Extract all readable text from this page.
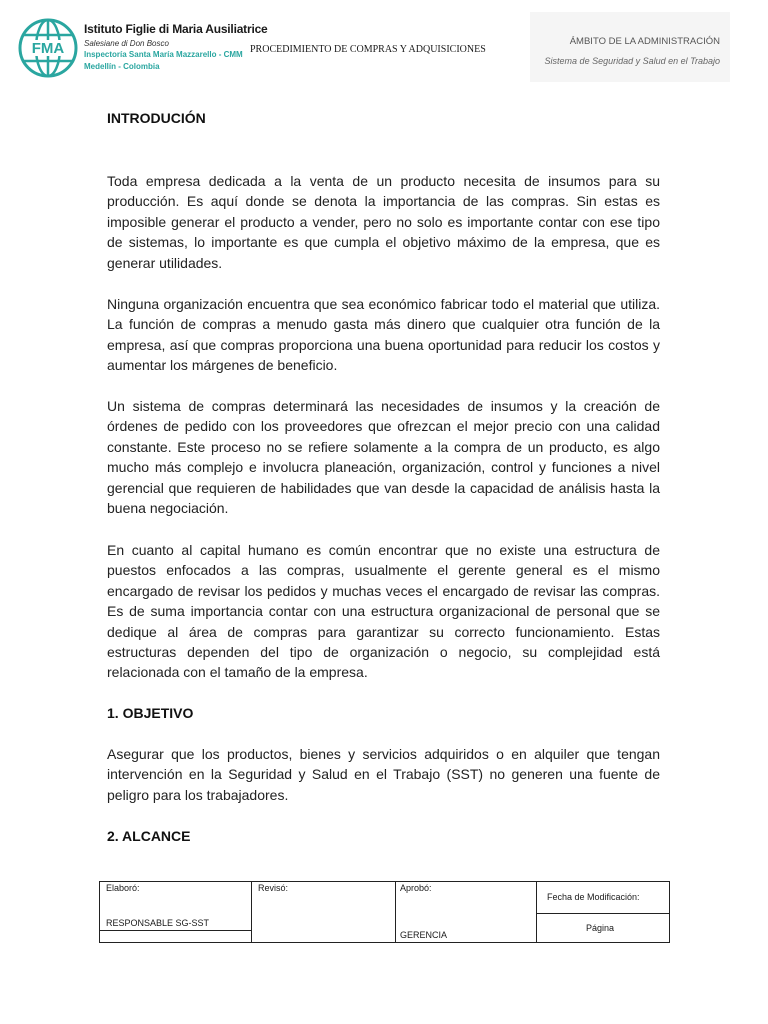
FMA
Istituto Figlie di Maria Ausiliatrice
Salesiane di Don Bosco
Inspectoría Santa María Mazzarello - CMM
Medellín - Colombia
PROCEDIMIENTO DE COMPRAS Y ADQUISICIONES
ÁMBITO DE LA ADMINISTRACIÓN
Sistema de Seguridad y Salud en el Trabajo
INTRODUCIÓN
Toda empresa dedicada a la venta de un producto necesita de insumos para su producción. Es aquí donde se denota la importancia de las compras. Sin estas es imposible generar el producto a vender, pero no solo es importante contar con ese tipo de sistemas, lo importante es que cumpla el objetivo máximo de la empresa, que es generar utilidades.
Ninguna organización encuentra que sea económico fabricar todo el material que utiliza. La función de compras a menudo gasta más dinero que cualquier otra función de la empresa, así que compras proporciona una buena oportunidad para reducir los costos y aumentar los márgenes de beneficio.
Un sistema de compras determinará las necesidades de insumos y la creación de órdenes de pedido con los proveedores que ofrezcan el mejor precio con una calidad constante. Este proceso no se refiere solamente a la compra de un producto, es algo mucho más complejo e involucra planeación, organización, control y funciones a nivel gerencial que requieren de habilidades que van desde la capacidad de análisis hasta la buena negociación.
En cuanto al capital humano es común encontrar que no existe una estructura de puestos enfocados a las compras, usualmente el gerente general es el mismo encargado de revisar los pedidos y muchas veces el encargado de revisar las compras. Es de suma importancia contar con una estructura organizacional de personal que se dedique al área de compras para garantizar su correcto funcionamiento. Estas estructuras dependen del tipo de organización o negocio, su complejidad está relacionada con el tamaño de la empresa.
1. OBJETIVO
Asegurar que los productos, bienes y servicios adquiridos o en alquiler que tengan intervención en la Seguridad y Salud en el Trabajo (SST) no generen una fuente de peligro para los trabajadores.
2. ALCANCE
Elaboró:
RESPONSABLE SG-SST
Revisó:	Aprobó:
GERENCIA
Fecha de Modificación:
Página
